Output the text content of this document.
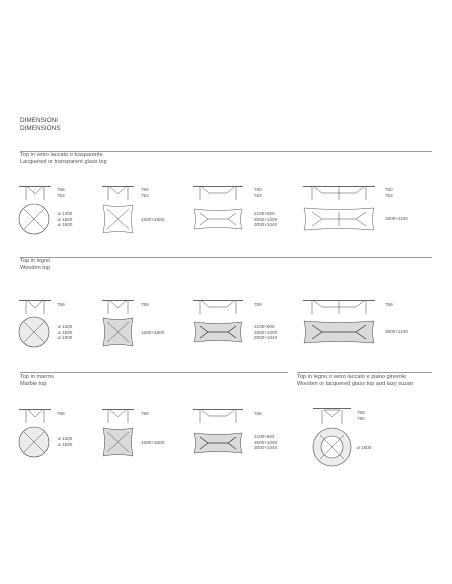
DIMENSIONI
DIMENSIONS
Top in vetro laccato o trasparente
Lacquered or transparent glass top
756
753
ø 1300
ø 1500
ø 1800
760
753
1500×1500
760
753
2100×900
2500×1000
3000×1040
760
753
3600×1100
Top in legno
Wooden top
759
ø 1300
ø 1500
ø 1800
759
1500×1500
759
2100×900
2500×1000
3000×1040
759
3600×1100
Top in marmo
Marble top
768
ø 1300
ø 1500
768
1500×1500
768
2100×900
2500×1000
3000×1040
Top in legno o vetro laccato e piano girevole
Wooden or lacquered glass top and lazy suzan
758
760
ø 1800
